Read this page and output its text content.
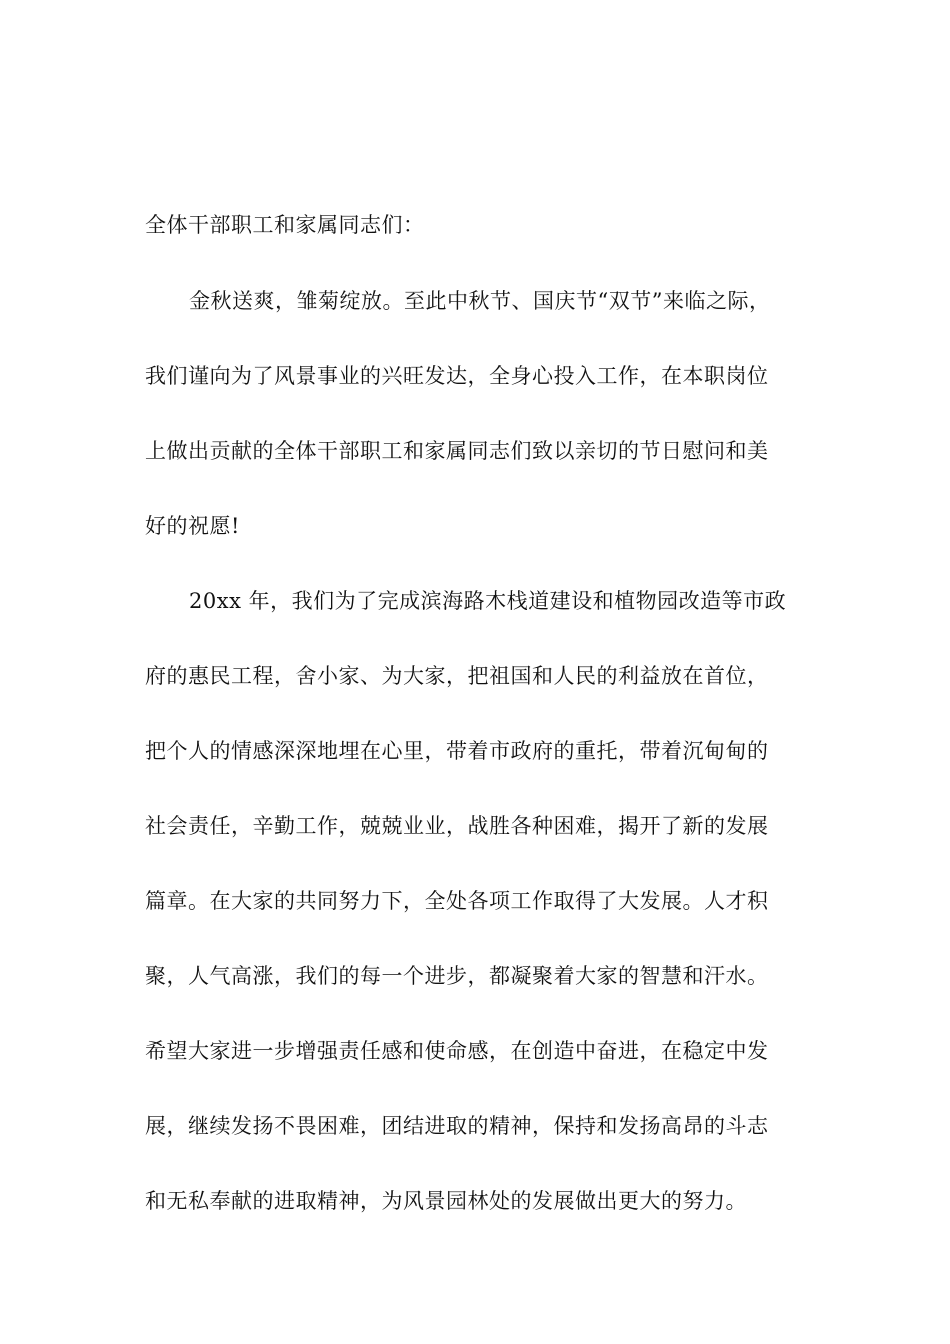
全体干部职工和家属同志们：
金秋送爽，雏菊绽放。至此中秋节、国庆节“双节”来临之际，
我们谨向为了风景事业的兴旺发达，全身心投入工作，在本职岗位
上做出贡献的全体干部职工和家属同志们致以亲切的节日慰问和美
好的祝愿!
20xx 年，我们为了完成滨海路木栈道建设和植物园改造等市政
府的惠民工程，舍小家、为大家，把祖国和人民的利益放在首位，
把个人的情感深深地埋在心里，带着市政府的重托，带着沉甸甸的
社会责任，辛勤工作，兢兢业业，战胜各种困难，揭开了新的发展
篇章。在大家的共同努力下，全处各项工作取得了大发展。人才积
聚，人气高涨，我们的每一个进步，都凝聚着大家的智慧和汗水。
希望大家进一步增强责任感和使命感，在创造中奋进，在稳定中发
展，继续发扬不畏困难，团结进取的精神，保持和发扬高昂的斗志
和无私奉献的进取精神，为风景园林处的发展做出更大的努力。
